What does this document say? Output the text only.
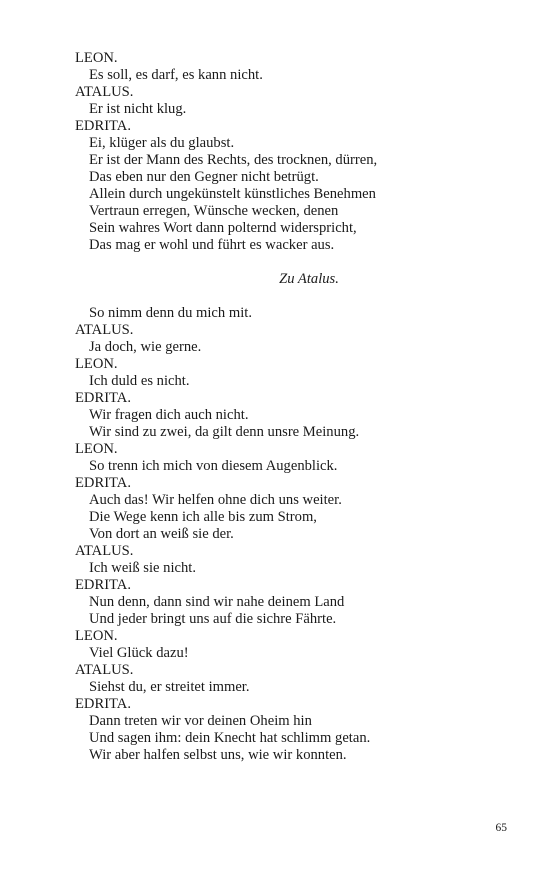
LEON.
Es soll, es darf, es kann nicht.
ATALUS.
Er ist nicht klug.
EDRITA.
Ei, klüger als du glaubst.
Er ist der Mann des Rechts, des trocknen, dürren,
Das eben nur den Gegner nicht betrügt.
Allein durch ungekünstelt künstliches Benehmen
Vertraun erregen, Wünsche wecken, denen
Sein wahres Wort dann polternd widerspricht,
Das mag er wohl und führt es wacker aus.
Zu Atalus.
So nimm denn du mich mit.
ATALUS.
Ja doch, wie gerne.
LEON.
Ich duld es nicht.
EDRITA.
Wir fragen dich auch nicht.
Wir sind zu zwei, da gilt denn unsre Meinung.
LEON.
So trenn ich mich von diesem Augenblick.
EDRITA.
Auch das! Wir helfen ohne dich uns weiter.
Die Wege kenn ich alle bis zum Strom,
Von dort an weiß sie der.
ATALUS.
Ich weiß sie nicht.
EDRITA.
Nun denn, dann sind wir nahe deinem Land
Und jeder bringt uns auf die sichre Fährte.
LEON.
Viel Glück dazu!
ATALUS.
Siehst du, er streitet immer.
EDRITA.
Dann treten wir vor deinen Oheim hin
Und sagen ihm: dein Knecht hat schlimm getan.
Wir aber halfen selbst uns, wie wir konnten.
65
